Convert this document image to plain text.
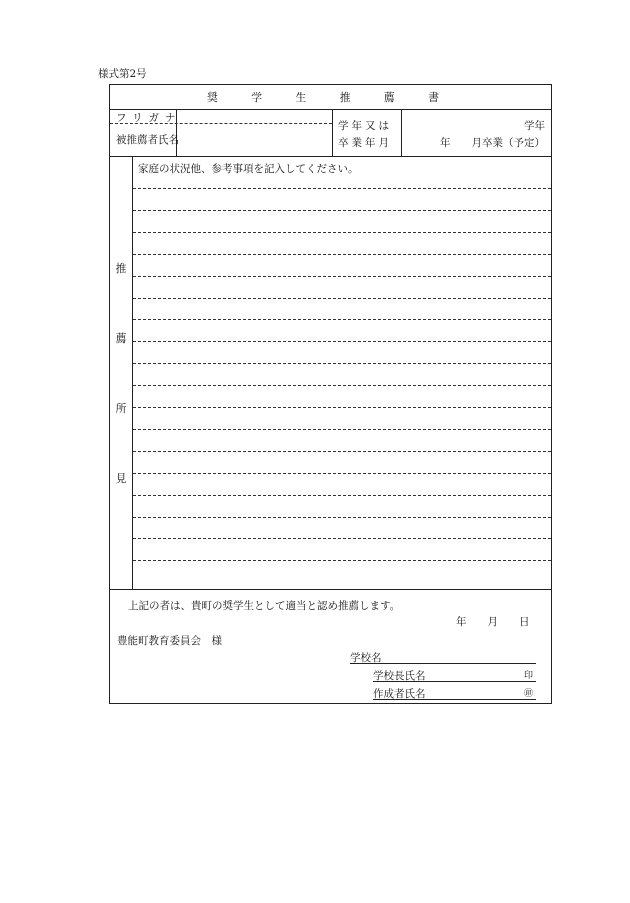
様式第2号
奨 学 生 推 薦 書
フリガナ
被推薦者氏名
学年又は
卒業年月
学年
年　　月卒業（予定）
推
薦
所
見
家庭の状況他、参考事項を記入してください。
上記の者は、貴町の奨学生として適当と認め推薦します。
年　　月　　日
豊能町教育委員会　様
学校名
学校長氏名	印
作成者氏名	㊞
